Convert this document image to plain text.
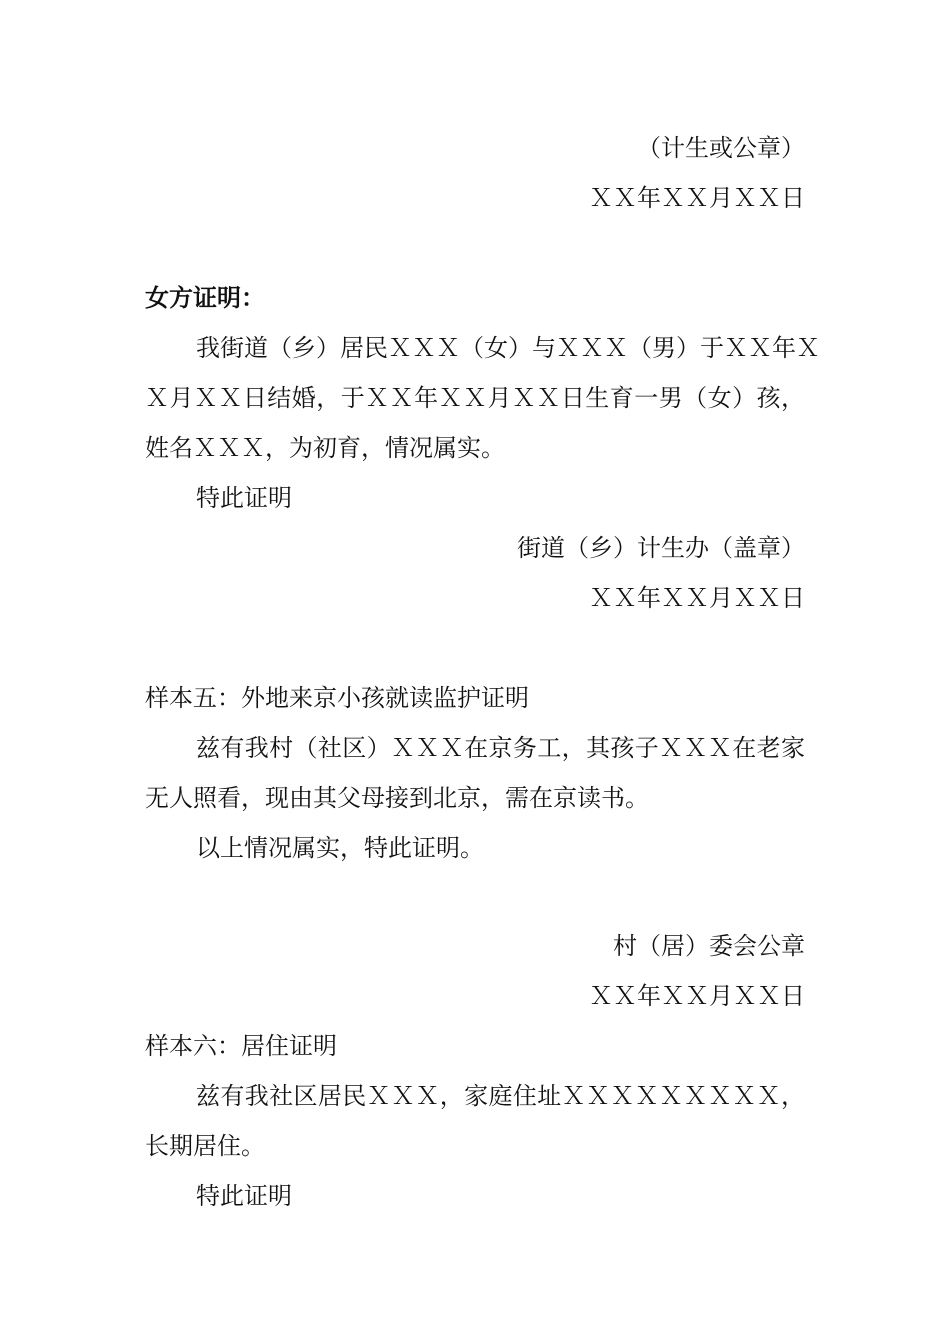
（计生或公章）
ＸＸ年ＸＸ月ＸＸ日
女方证明：
我街道（乡）居民ＸＸＸ（女）与ＸＸＸ（男）于ＸＸ年Ｘ
Ｘ月ＸＸ日结婚，于ＸＸ年ＸＸ月ＸＸ日生育一男（女）孩，
姓名ＸＸＸ，为初育，情况属实。
特此证明
街道（乡）计生办（盖章）
ＸＸ年ＸＸ月ＸＸ日
样本五：外地来京小孩就读监护证明
兹有我村（社区）ＸＸＸ在京务工，其孩子ＸＸＸ在老家
无人照看，现由其父母接到北京，需在京读书。
以上情况属实，特此证明。
村（居）委会公章
ＸＸ年ＸＸ月ＸＸ日
样本六：居住证明
兹有我社区居民ＸＸＸ，家庭住址ＸＸＸＸＸＸＸＸＸ，
长期居住。
特此证明
